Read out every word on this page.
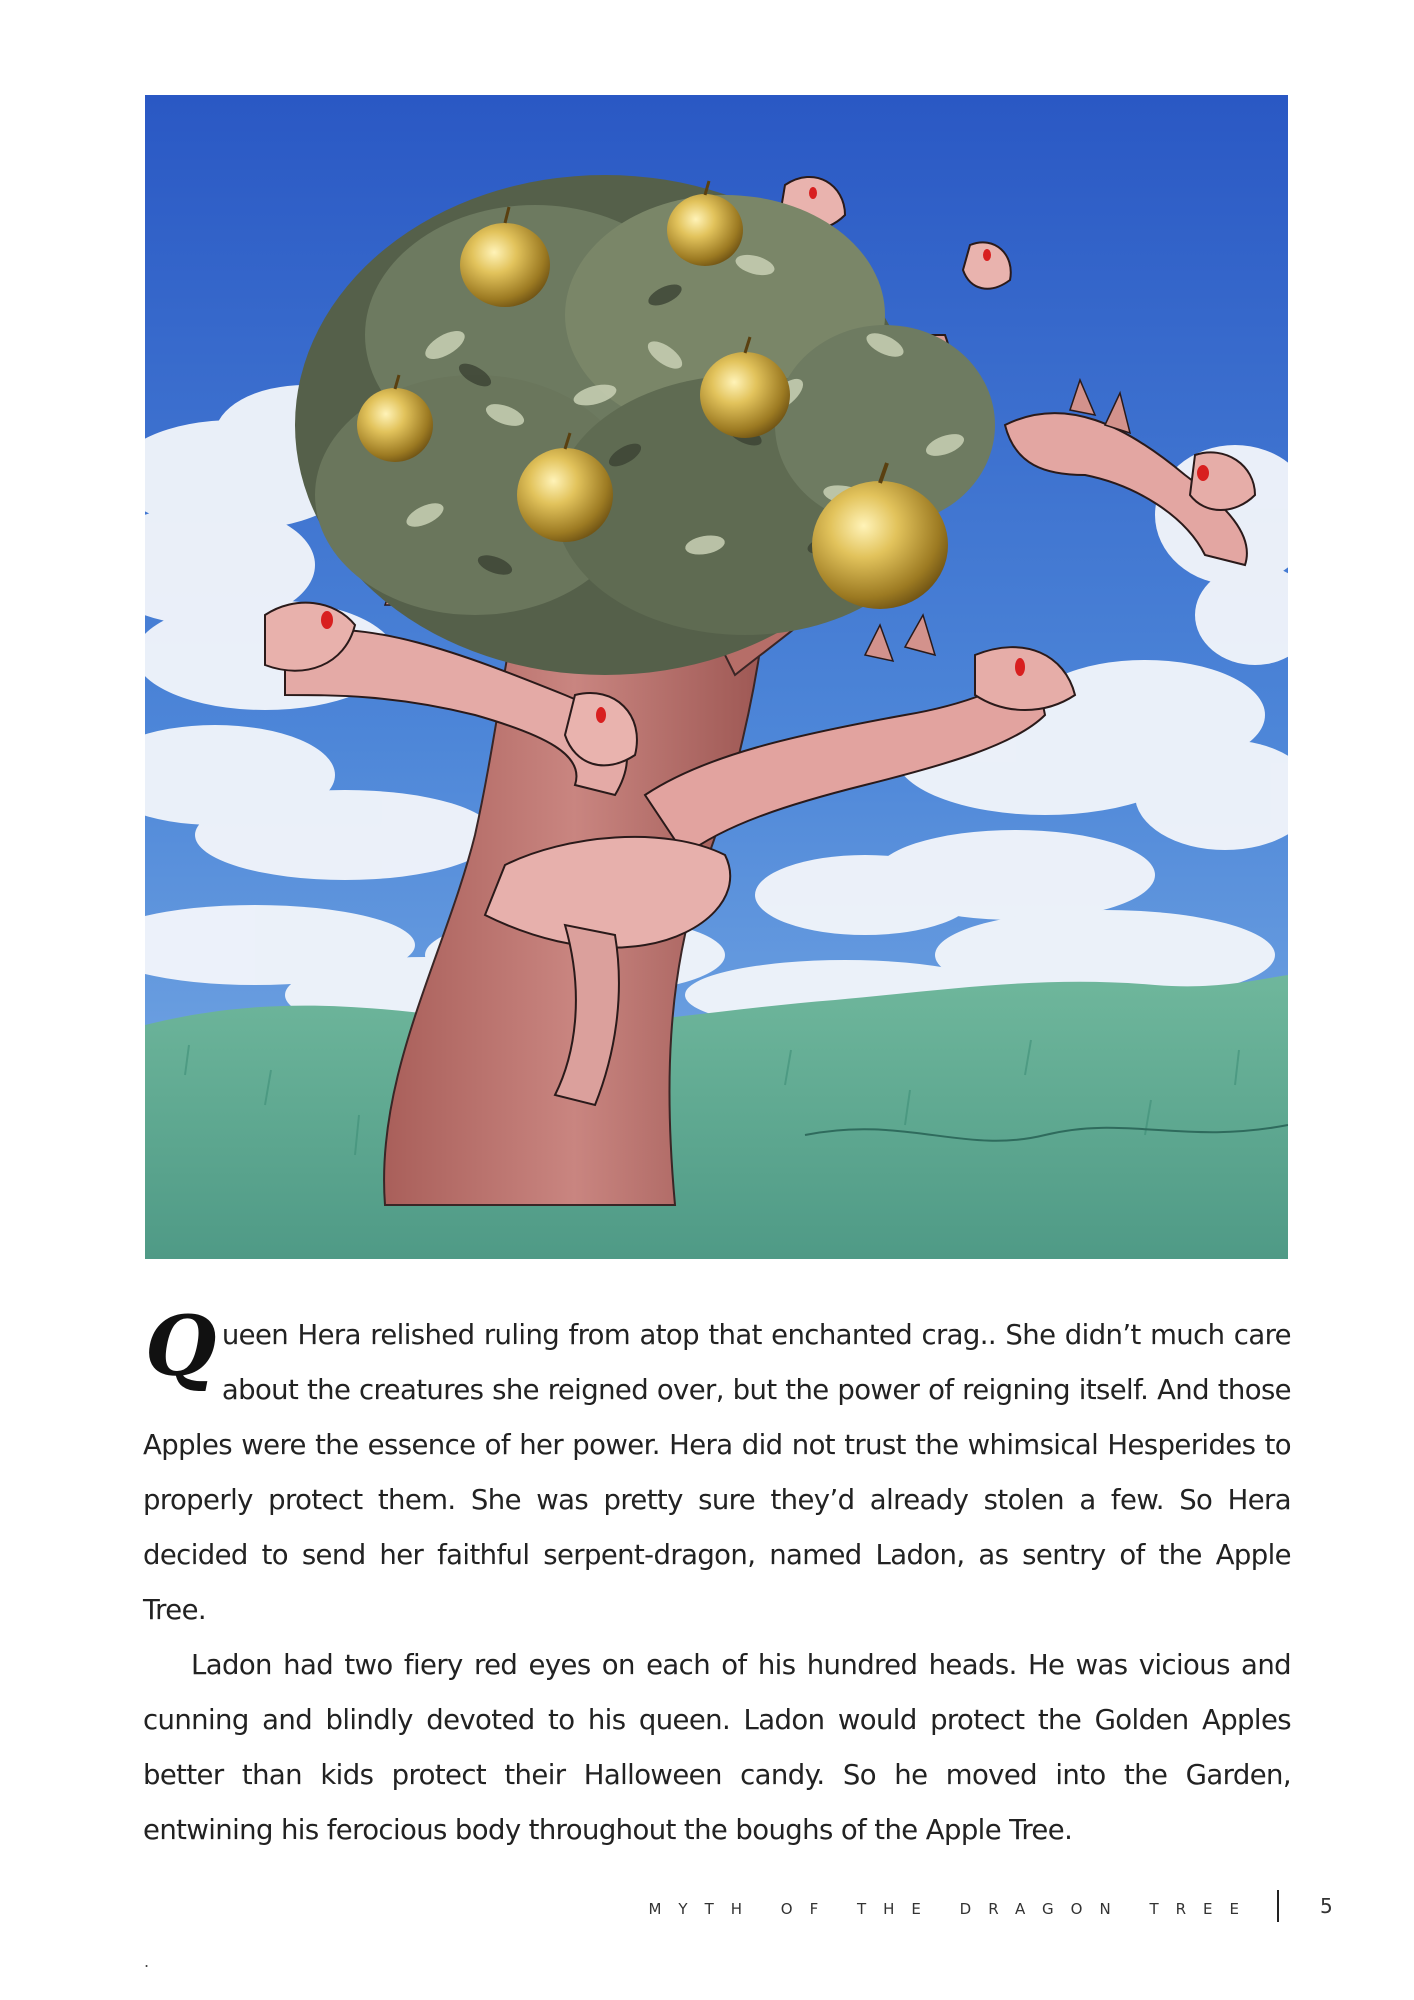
Queen Hera relished ruling from atop that enchanted crag.. She didn’t much care about the creatures she reigned over, but the power of reigning itself. And those Apples were the essence of her power. Hera did not trust the whimsical Hesperides to properly protect them. She was pretty sure they’d already stolen a few. So Hera decided to send her faithful serpent-dragon, named Ladon, as sentry of the Apple Tree.

Ladon had two fiery red eyes on each of his hundred heads. He was vicious and cunning and blindly devoted to his queen. Ladon would protect the Golden Apples better than kids protect their Halloween candy. So he moved into the Garden, entwining his ferocious body throughout the boughs of the Apple Tree.

MYTH OF THE DRAGON TREE	5
.
